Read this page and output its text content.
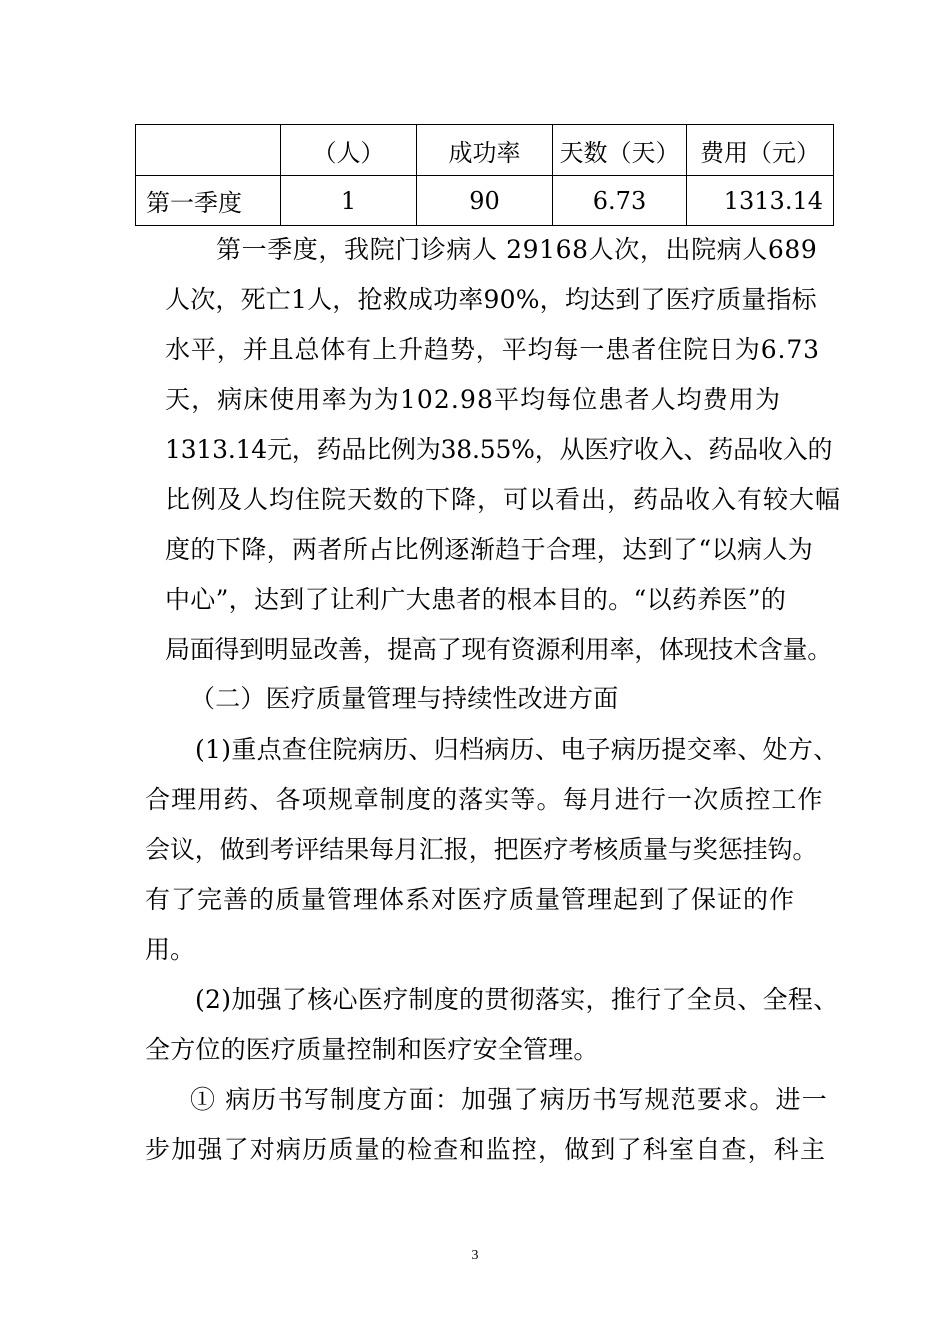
	（人）	成功率	天数（天）	费用（元）
第一季度	1	90	6.73	1313.14
第一季度，我院门诊病人 29168人次，出院病人689
人次，死亡1人，抢救成功率90%，均达到了医疗质量指标
水平，并且总体有上升趋势，平均每一患者住院日为6.73
天，病床使用率为为102.98平均每位患者人均费用为
1313.14元，药品比例为38.55%，从医疗收入、药品收入的
比例及人均住院天数的下降，可以看出，药品收入有较大幅
度的下降，两者所占比例逐渐趋于合理，达到了“以病人为
中心”，达到了让利广大患者的根本目的。“以药养医”的
局面得到明显改善，提高了现有资源利用率，体现技术含量。
（二）医疗质量管理与持续性改进方面
(1)重点查住院病历、归档病历、电子病历提交率、处方、
合理用药、各项规章制度的落实等。每月进行一次质控工作
会议，做到考评结果每月汇报，把医疗考核质量与奖惩挂钩。
有了完善的质量管理体系对医疗质量管理起到了保证的作
用。
(2)加强了核心医疗制度的贯彻落实，推行了全员、全程、
全方位的医疗质量控制和医疗安全管理。
① 病历书写制度方面：加强了病历书写规范要求。进一
步加强了对病历质量的检查和监控，做到了科室自查，科主
3
